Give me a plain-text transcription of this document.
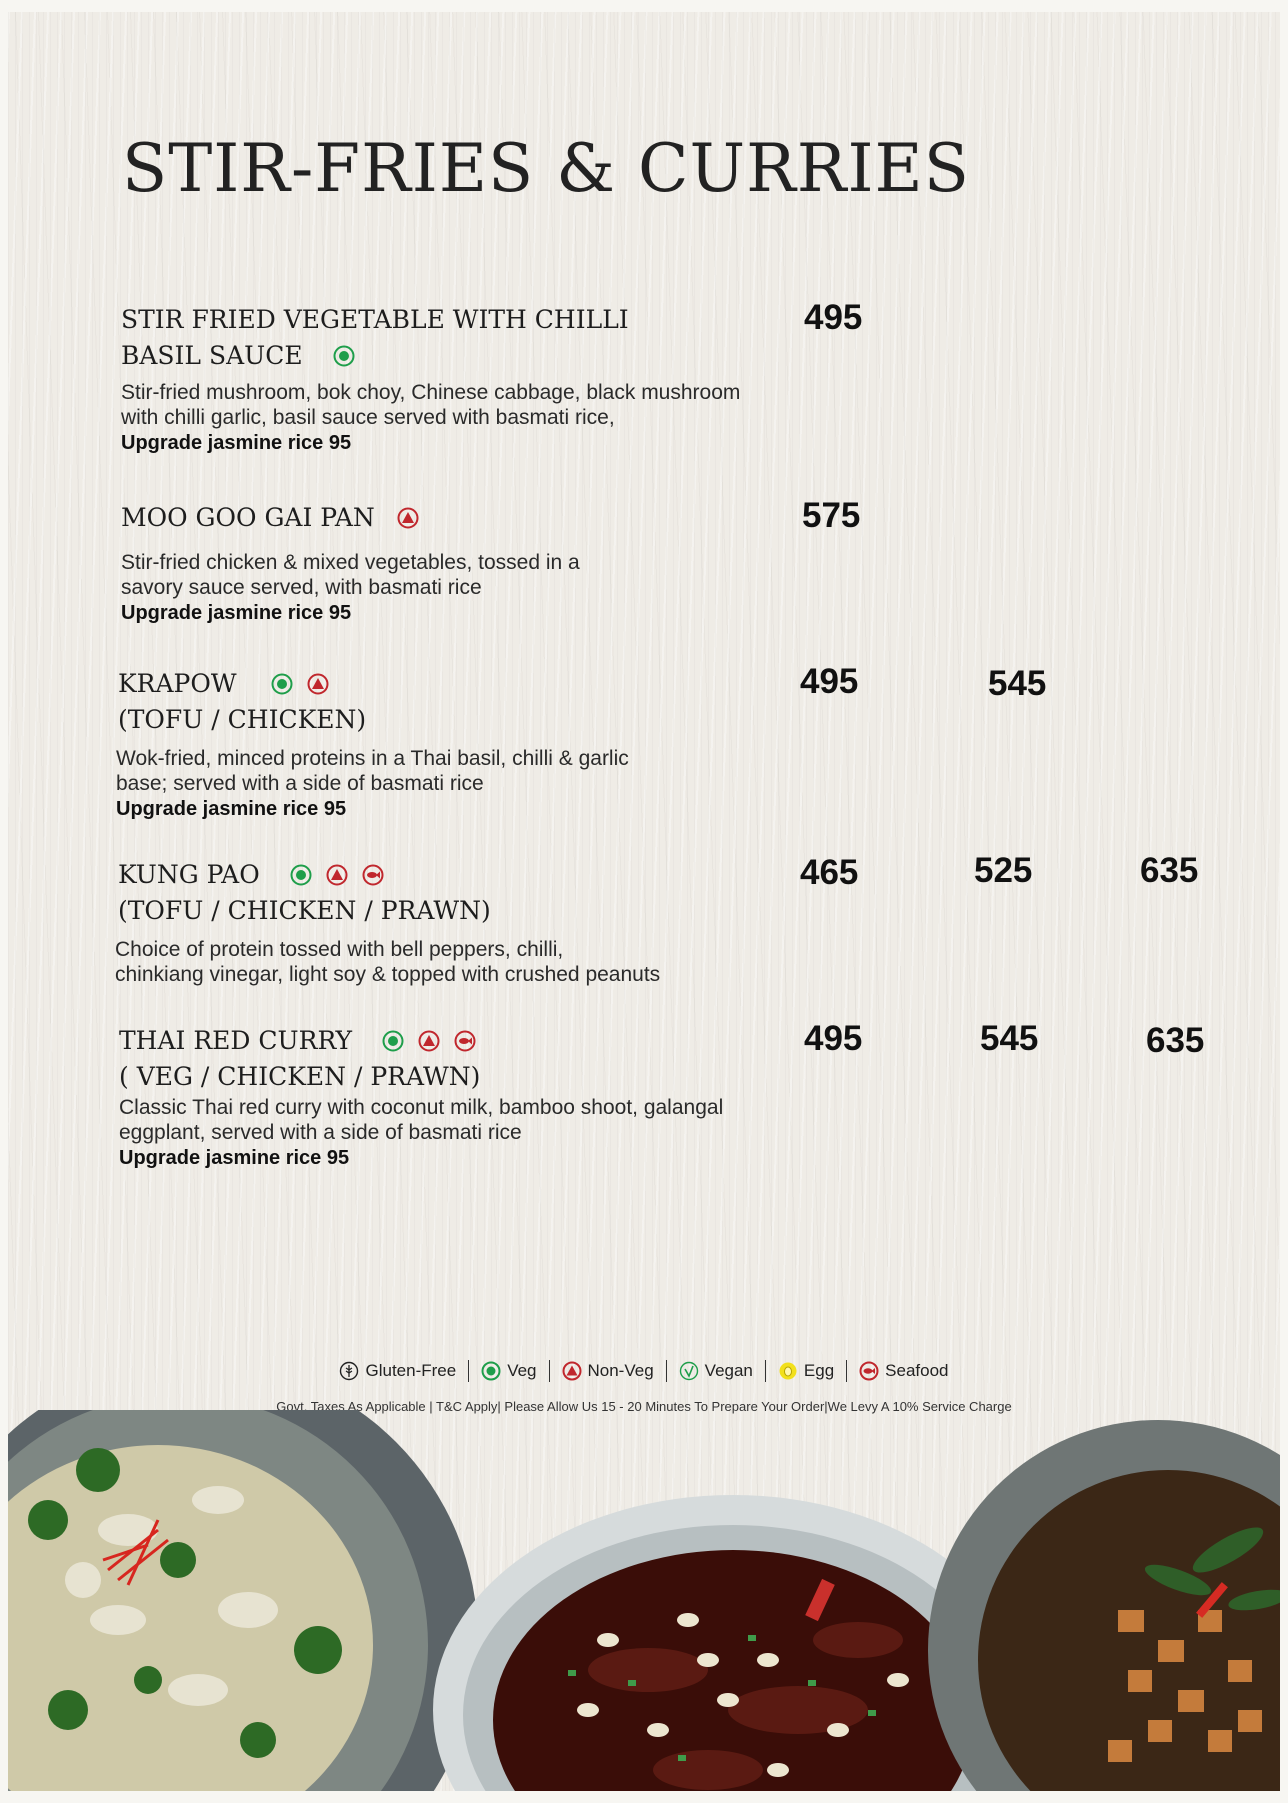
STIR-FRIES & CURRIES
STIR FRIED VEGETABLE WITH CHILLI
BASIL SAUCE
Stir-fried mushroom, bok choy, Chinese cabbage, black mushroom
with chilli garlic, basil sauce served with basmati rice,
Upgrade jasmine rice 95
495
MOO GOO GAI PAN
Stir-fried chicken & mixed vegetables, tossed in a
savory sauce served, with basmati rice
Upgrade jasmine rice 95
575
KRAPOW
(TOFU / CHICKEN)
Wok-fried, minced proteins in a Thai basil, chilli & garlic
base; served with a side of basmati rice
Upgrade jasmine rice 95
495	545
KUNG PAO
(TOFU / CHICKEN / PRAWN)
Choice of protein tossed with bell peppers, chilli,
chinkiang vinegar, light soy & topped with crushed peanuts
465	525	635
THAI RED CURRY
( VEG / CHICKEN / PRAWN)
Classic Thai red curry with coconut milk, bamboo shoot, galangal
eggplant, served with a side of basmati rice
Upgrade jasmine rice 95
495	545	635
Gluten-Free	Veg	Non-Veg	Vegan	Egg	Seafood
Govt. Taxes As Applicable | T&C Apply| Please Allow Us 15 - 20 Minutes To Prepare Your Order|We Levy A 10% Service Charge
